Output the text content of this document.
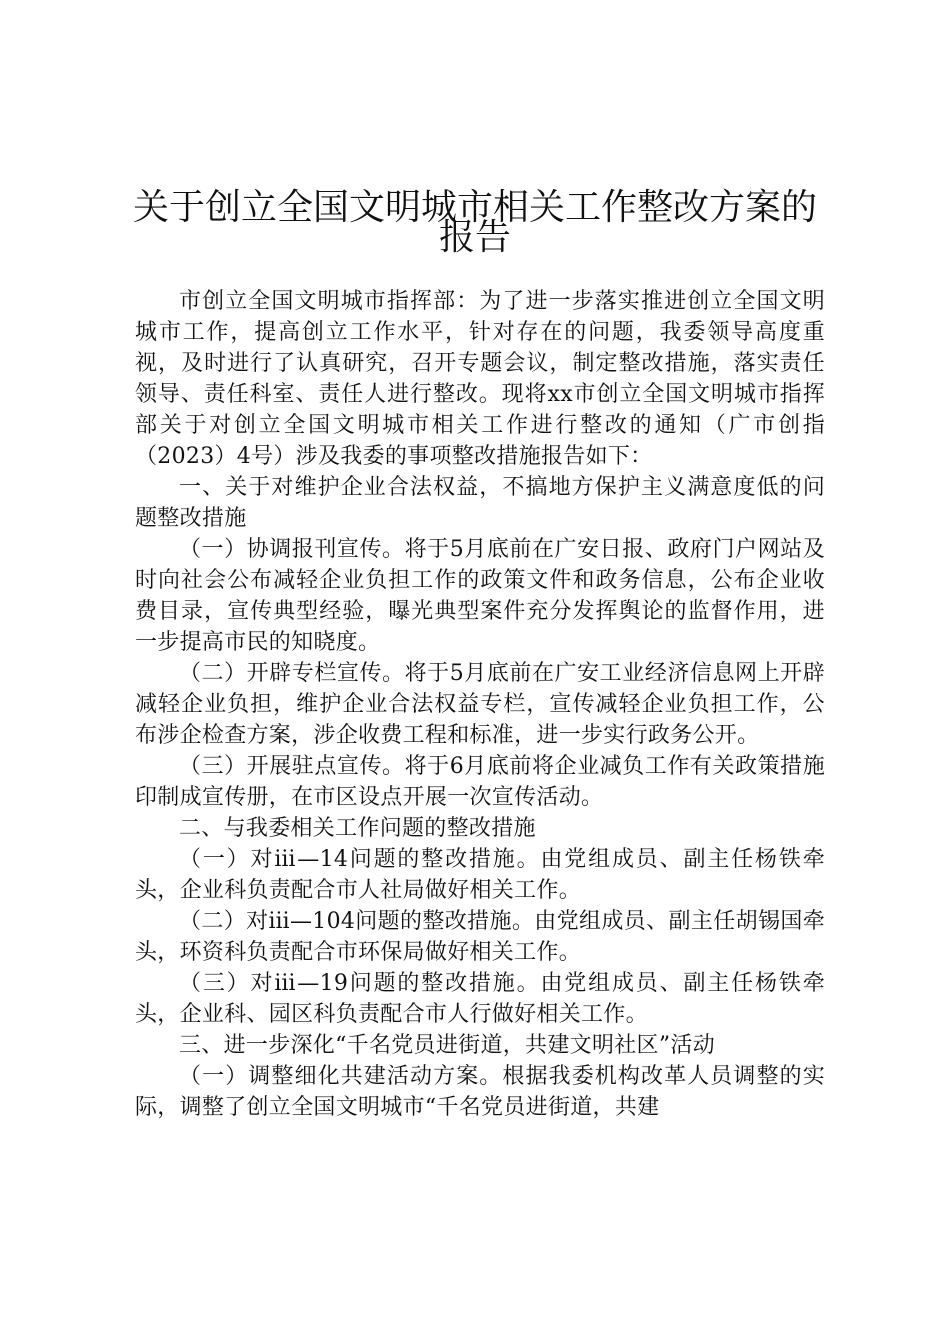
关于创立全国文明城市相关工作整改方案的
报告

市创立全国文明城市指挥部：为了进一步落实推进创立全国文明城市工作，提高创立工作水平，针对存在的问题，我委领导高度重视，及时进行了认真研究，召开专题会议，制定整改措施，落实责任领导、责任科室、责任人进行整改。现将xx市创立全国文明城市指挥部关于对创立全国文明城市相关工作进行整改的通知（广市创指（2023）4号）涉及我委的事项整改措施报告如下：

一、关于对维护企业合法权益，不搞地方保护主义满意度低的问题整改措施

（一）协调报刊宣传。将于5月底前在广安日报、政府门户网站及时向社会公布减轻企业负担工作的政策文件和政务信息，公布企业收费目录，宣传典型经验，曝光典型案件充分发挥舆论的监督作用，进一步提高市民的知晓度。

（二）开辟专栏宣传。将于5月底前在广安工业经济信息网上开辟减轻企业负担，维护企业合法权益专栏，宣传减轻企业负担工作，公布涉企检查方案，涉企收费工程和标准，进一步实行政务公开。

（三）开展驻点宣传。将于6月底前将企业减负工作有关政策措施印制成宣传册，在市区设点开展一次宣传活动。

二、与我委相关工作问题的整改措施

（一）对ⅲ—14问题的整改措施。由党组成员、副主任杨铁牵头，企业科负责配合市人社局做好相关工作。

（二）对ⅲ—104问题的整改措施。由党组成员、副主任胡锡国牵头，环资科负责配合市环保局做好相关工作。

（三）对ⅲ—19问题的整改措施。由党组成员、副主任杨铁牵头，企业科、园区科负责配合市人行做好相关工作。

三、进一步深化“千名党员进街道，共建文明社区”活动

（一）调整细化共建活动方案。根据我委机构改革人员调整的实际，调整了创立全国文明城市“千名党员进街道，共建
